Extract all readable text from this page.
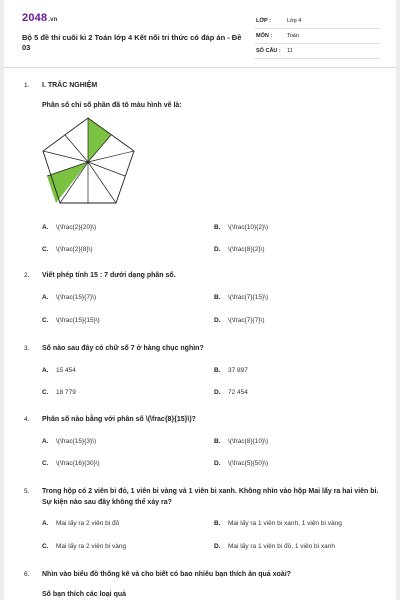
2048.vn
Bộ 5 đề thi cuối kì 2 Toán lớp 4 Kết nối tri thức có đáp án - Đề 03
LỚP :	Lớp 4
MÔN :	Toán
SỐ CÂU : 11
1. I. TRẮC NGHIỆM
Phân số chỉ số phần đã tô màu hình vẽ là:
A. \(\frac{2}{20}\)	B. \(\frac{10}{2}\)
C. \(\frac{2}{8}\)	D. \(\frac{8}{2}\)
2. Viết phép tính 15 : 7 dưới dạng phân số.
A. \(\frac{15}{7}\)	B. \(\frac{7}{15}\)
C. \(\frac{15}{15}\)	D. \(\frac{7}{7}\)
3. Số nào sau đây có chữ số 7 ở hàng chục nghìn?
A. 15 454	B. 37 897
C. 18 779	D. 72 454
4. Phân số nào bằng với phân số \(\frac{8}{15}\)?
A. \(\frac{15}{3}\)	B. \(\frac{8}{10}\)
C. \(\frac{16}{30}\)	D. \(\frac{5}{50}\)
5. Trong hộp có 2 viên bi đỏ, 1 viên bi vàng và 1 viên bi xanh. Không nhìn vào hộp Mai lấy ra hai viên bi. Sự kiện nào sau đây không thể xảy ra?
A. Mai lấy ra 2 viên bi đỏ	B. Mai lấy ra 1 viên bi xanh, 1 viên bi vàng
C. Mai lấy ra 2 viên bi vàng	D. Mai lấy ra 1 viên bi đỏ, 1 viên bi xanh
6. Nhìn vào biểu đồ thống kê và cho biết có bao nhiêu bạn thích ăn quả xoài?
Số bạn thích các loại quả
